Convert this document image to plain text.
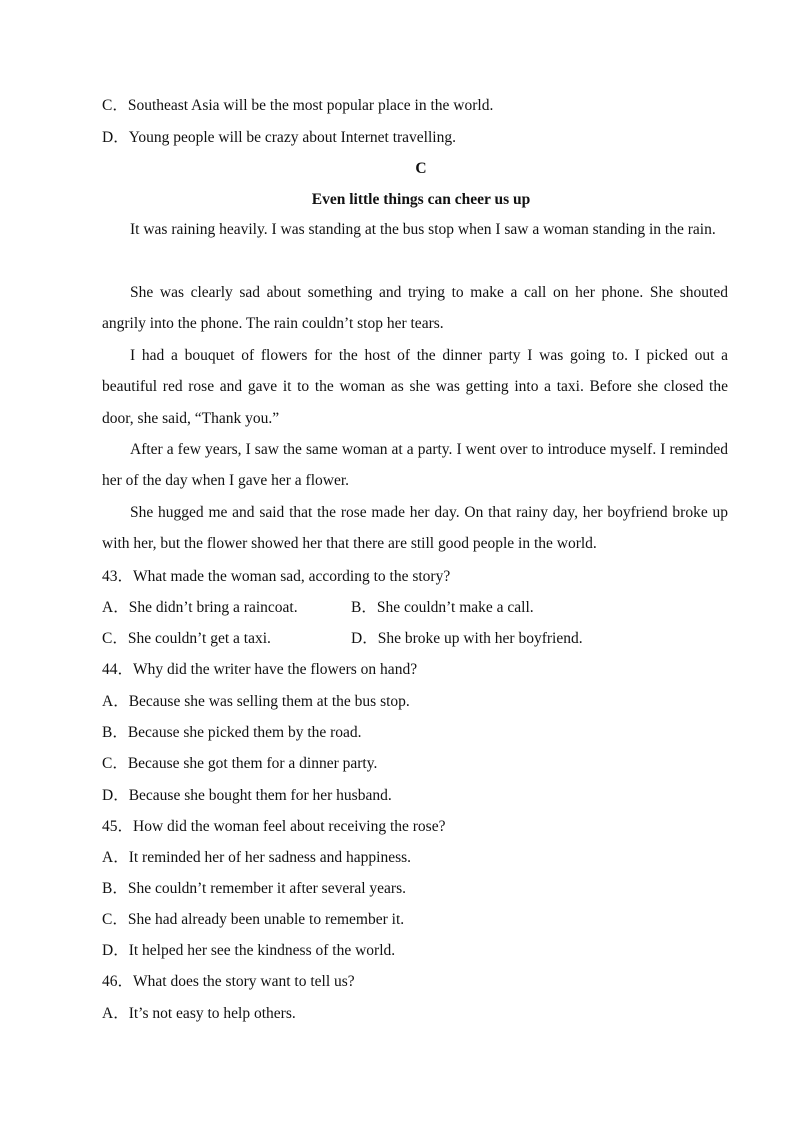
C．Southeast Asia will be the most popular place in the world.
D．Young people will be crazy about Internet travelling.
C
Even little things can cheer us up
It was raining heavily. I was standing at the bus stop when I saw a woman standing in the rain.
She was clearly sad about something and trying to make a call on her phone. She shouted angrily into the phone. The rain couldn’t stop her tears.
I had a bouquet of flowers for the host of the dinner party I was going to. I picked out a beautiful red rose and gave it to the woman as she was getting into a taxi. Before she closed the door, she said, “Thank you.”
After a few years, I saw the same woman at a party. I went over to introduce myself. I reminded her of the day when I gave her a flower.
She hugged me and said that the rose made her day. On that rainy day, her boyfriend broke up with her, but the flower showed her that there are still good people in the world.
43．What made the woman sad, according to the story?
A．She didn’t bring a raincoat.	B．She couldn’t make a call.
C．She couldn’t get a taxi.	D．She broke up with her boyfriend.
44．Why did the writer have the flowers on hand?
A．Because she was selling them at the bus stop.
B．Because she picked them by the road.
C．Because she got them for a dinner party.
D．Because she bought them for her husband.
45．How did the woman feel about receiving the rose?
A．It reminded her of her sadness and happiness.
B．She couldn’t remember it after several years.
C．She had already been unable to remember it.
D．It helped her see the kindness of the world.
46．What does the story want to tell us?
A．It’s not easy to help others.
